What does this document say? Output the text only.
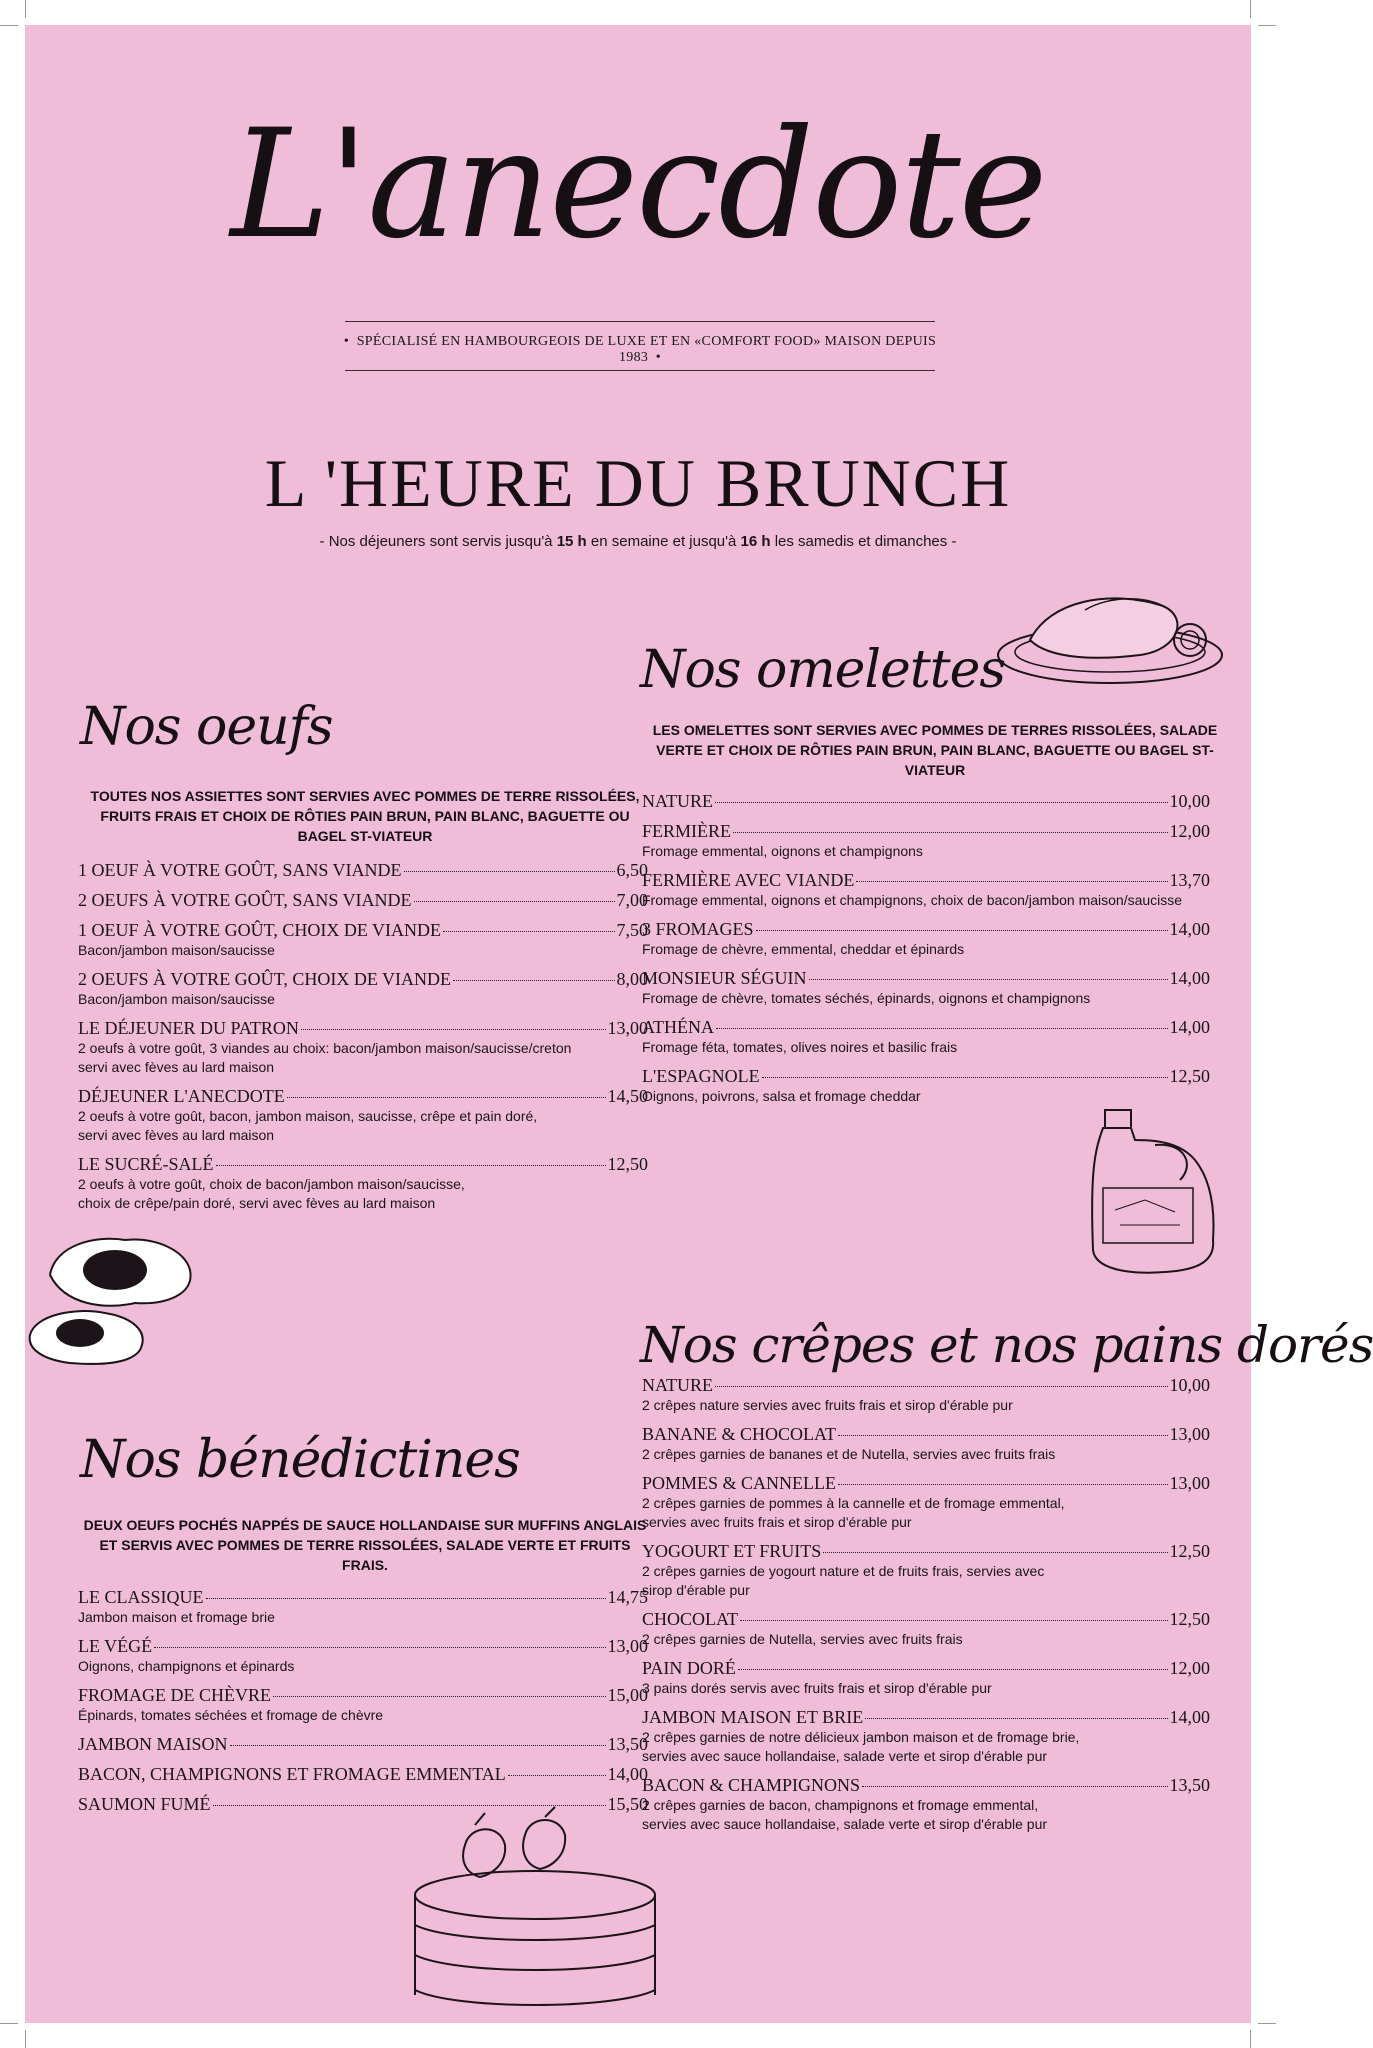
L'anecdote
•  SPÉCIALISÉ EN HAMBOURGEOIS DE LUXE ET EN «COMFORT FOOD» MAISON DEPUIS 1983  •
L 'HEURE DU BRUNCH
- Nos déjeuners sont servis jusqu'à 15 h en semaine et jusqu'à 16 h les samedis et dimanches -
Nos oeufs
TOUTES NOS ASSIETTES SONT SERVIES AVEC POMMES DE TERRE RISSOLÉES, FRUITS FRAIS ET CHOIX DE RÔTIES PAIN BRUN, PAIN BLANC, BAGUETTE OU BAGEL ST-VIATEUR
1 OEUF À VOTRE GOÛT, SANS VIANDE	6,50
2 OEUFS À VOTRE GOÛT, SANS VIANDE	7,00
1 OEUF À VOTRE GOÛT, CHOIX DE VIANDE	7,50
Bacon/jambon maison/saucisse
2 OEUFS À VOTRE GOÛT, CHOIX DE VIANDE	8,00
Bacon/jambon maison/saucisse
LE DÉJEUNER DU PATRON	13,00
2 oeufs à votre goût, 3 viandes au choix: bacon/jambon maison/saucisse/creton
servi avec fèves au lard maison
DÉJEUNER L'ANECDOTE	14,50
2 oeufs à votre goût, bacon, jambon maison, saucisse, crêpe et pain doré,
servi avec fèves au lard maison
LE SUCRÉ-SALÉ	12,50
2 oeufs à votre goût, choix de bacon/jambon maison/saucisse,
choix de crêpe/pain doré, servi avec fèves au lard maison
Nos omelettes
LES OMELETTES SONT SERVIES AVEC POMMES DE TERRES RISSOLÉES, SALADE VERTE ET CHOIX DE RÔTIES PAIN BRUN, PAIN BLANC, BAGUETTE OU BAGEL ST-VIATEUR
NATURE	10,00
FERMIÈRE	12,00
Fromage emmental, oignons et champignons
FERMIÈRE AVEC VIANDE	13,70
Fromage emmental, oignons et champignons, choix de bacon/jambon maison/saucisse
3 FROMAGES	14,00
Fromage de chèvre, emmental, cheddar et épinards
MONSIEUR SÉGUIN	14,00
Fromage de chèvre, tomates séchés, épinards, oignons et champignons
ATHÉNA	14,00
Fromage féta, tomates, olives noires et basilic frais
L'ESPAGNOLE	12,50
Oignons, poivrons, salsa et fromage cheddar
Nos bénédictines
DEUX OEUFS POCHÉS NAPPÉS DE SAUCE HOLLANDAISE SUR MUFFINS ANGLAIS ET SERVIS AVEC POMMES DE TERRE RISSOLÉES, SALADE VERTE ET FRUITS FRAIS.
LE CLASSIQUE	14,75
Jambon maison et fromage brie
LE VÉGÉ	13,00
Oignons, champignons et épinards
FROMAGE DE CHÈVRE	15,00
Épinards, tomates séchées et fromage de chèvre
JAMBON MAISON	13,50
BACON, CHAMPIGNONS ET FROMAGE EMMENTAL	14,00
SAUMON FUMÉ	15,50
Nos crêpes et nos pains dorés
NATURE	10,00
2 crêpes nature servies avec fruits frais et sirop d'érable pur
BANANE & CHOCOLAT	13,00
2 crêpes garnies de bananes et de Nutella, servies avec fruits frais
POMMES & CANNELLE	13,00
2 crêpes garnies de pommes à la cannelle et de fromage emmental,
servies avec fruits frais et sirop d'érable pur
YOGOURT ET FRUITS	12,50
2 crêpes garnies de yogourt nature et de fruits frais, servies avec
sirop d'érable pur
CHOCOLAT	12,50
2 crêpes garnies de Nutella, servies avec fruits frais
PAIN DORÉ	12,00
3 pains dorés servis avec fruits frais et sirop d'érable pur
JAMBON MAISON ET BRIE	14,00
2 crêpes garnies de notre délicieux jambon maison et de fromage brie,
servies avec sauce hollandaise, salade verte et sirop d'érable pur
BACON & CHAMPIGNONS	13,50
2 crêpes garnies de bacon, champignons et fromage emmental,
servies avec sauce hollandaise, salade verte et sirop d'érable pur
